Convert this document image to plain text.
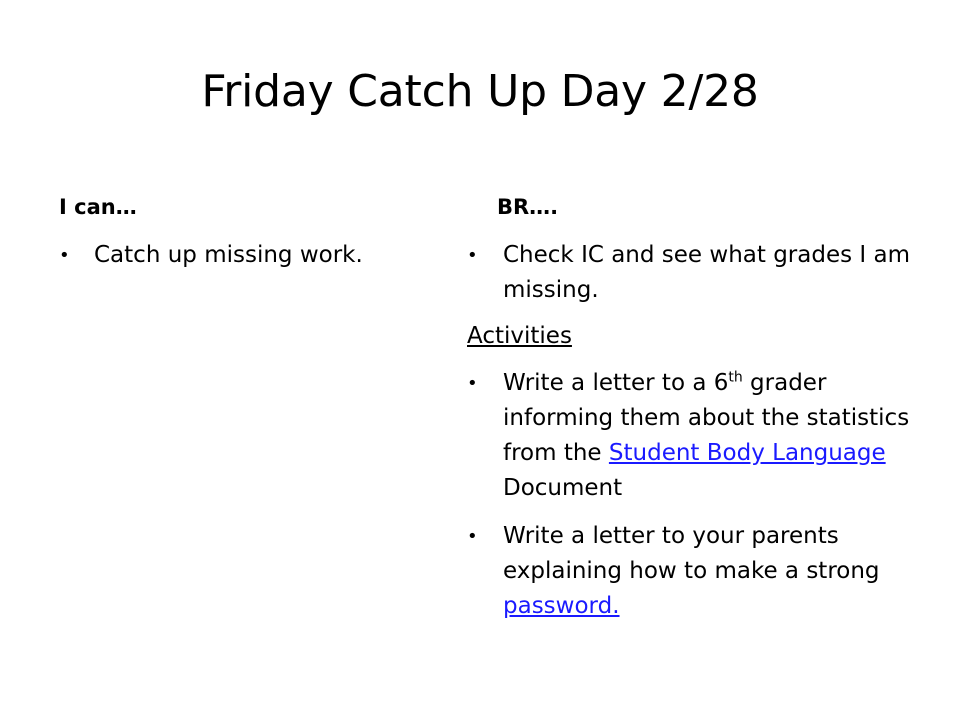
Friday Catch Up Day 2/28
I can…	BR….
• Catch up missing work.	• Check IC and see what grades I am missing.
Activities
• Write a letter to a 6th grader informing them about the statistics from the Student Body Language Document
• Write a letter to your parents explaining how to make a strong password.
